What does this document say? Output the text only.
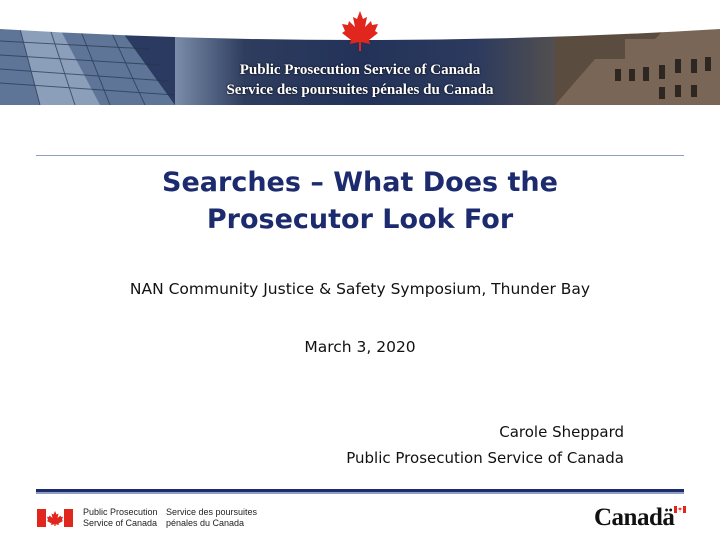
Public Prosecution Service of Canada
Service des poursuites pénales du Canada
Searches – What Does the
Prosecutor Look For
NAN Community Justice & Safety Symposium, Thunder Bay
March 3, 2020
Carole Sheppard
Public Prosecution Service of Canada
Public Prosecution
Service of Canada
Service des poursuites
pénales du Canada	Canadä
